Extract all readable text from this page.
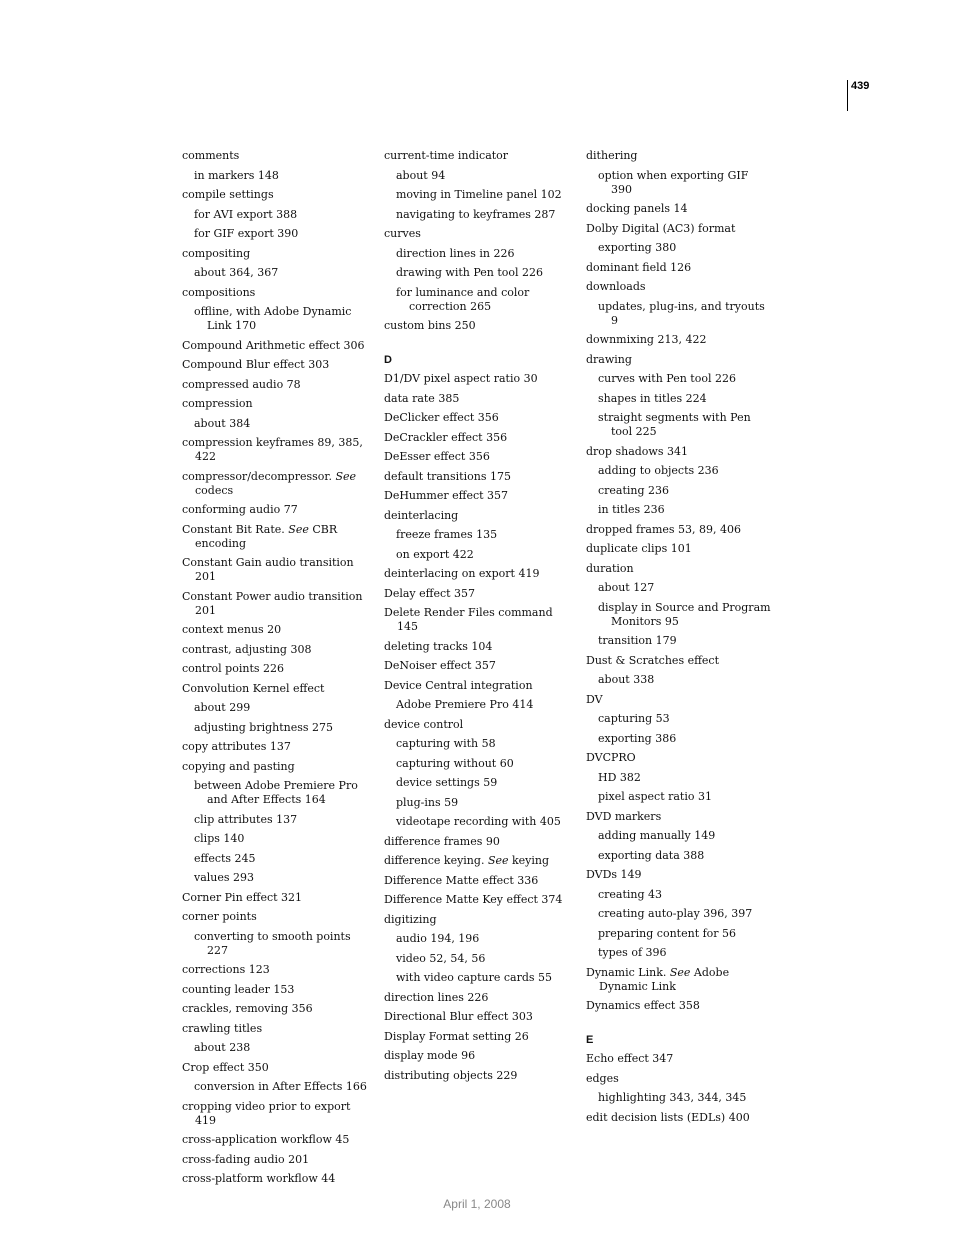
439
comments
in markers 148
compile settings
for AVI export 388
for GIF export 390
compositing
about 364, 367
compositions
offline, with Adobe Dynamic Link 170
Compound Arithmetic effect 306
Compound Blur effect 303
compressed audio 78
compression
about 384
compression keyframes 89, 385, 422
compressor/decompressor. See codecs
conforming audio 77
Constant Bit Rate. See CBR encoding
Constant Gain audio transition 201
Constant Power audio transition 201
context menus 20
contrast, adjusting 308
control points 226
Convolution Kernel effect
about 299
adjusting brightness 275
copy attributes 137
copying and pasting
between Adobe Premiere Pro and After Effects 164
clip attributes 137
clips 140
effects 245
values 293
Corner Pin effect 321
corner points
converting to smooth points 227
corrections 123
counting leader 153
crackles, removing 356
crawling titles
about 238
Crop effect 350
conversion in After Effects 166
cropping video prior to export 419
cross-application workflow 45
cross-fading audio 201
cross-platform workflow 44
current-time indicator
about 94
moving in Timeline panel 102
navigating to keyframes 287
curves
direction lines in 226
drawing with Pen tool 226
for luminance and color correction 265
custom bins 250
D
D1/DV pixel aspect ratio 30
data rate 385
DeClicker effect 356
DeCrackler effect 356
DeEsser effect 356
default transitions 175
DeHummer effect 357
deinterlacing
freeze frames 135
on export 422
deinterlacing on export 419
Delay effect 357
Delete Render Files command 145
deleting tracks 104
DeNoiser effect 357
Device Central integration
Adobe Premiere Pro 414
device control
capturing with 58
capturing without 60
device settings 59
plug-ins 59
videotape recording with 405
difference frames 90
difference keying. See keying
Difference Matte effect 336
Difference Matte Key effect 374
digitizing
audio 194, 196
video 52, 54, 56
with video capture cards 55
direction lines 226
Directional Blur effect 303
Display Format setting 26
display mode 96
distributing objects 229
dithering
option when exporting GIF 390
docking panels 14
Dolby Digital (AC3) format
exporting 380
dominant field 126
downloads
updates, plug-ins, and tryouts 9
downmixing 213, 422
drawing
curves with Pen tool 226
shapes in titles 224
straight segments with Pen tool 225
drop shadows 341
adding to objects 236
creating 236
in titles 236
dropped frames 53, 89, 406
duplicate clips 101
duration
about 127
display in Source and Program Monitors 95
transition 179
Dust & Scratches effect
about 338
DV
capturing 53
exporting 386
DVCPRO
HD 382
pixel aspect ratio 31
DVD markers
adding manually 149
exporting data 388
DVDs 149
creating 43
creating auto-play 396, 397
preparing content for 56
types of 396
Dynamic Link. See Adobe Dynamic Link
Dynamics effect 358
E
Echo effect 347
edges
highlighting 343, 344, 345
edit decision lists (EDLs) 400
April 1, 2008
